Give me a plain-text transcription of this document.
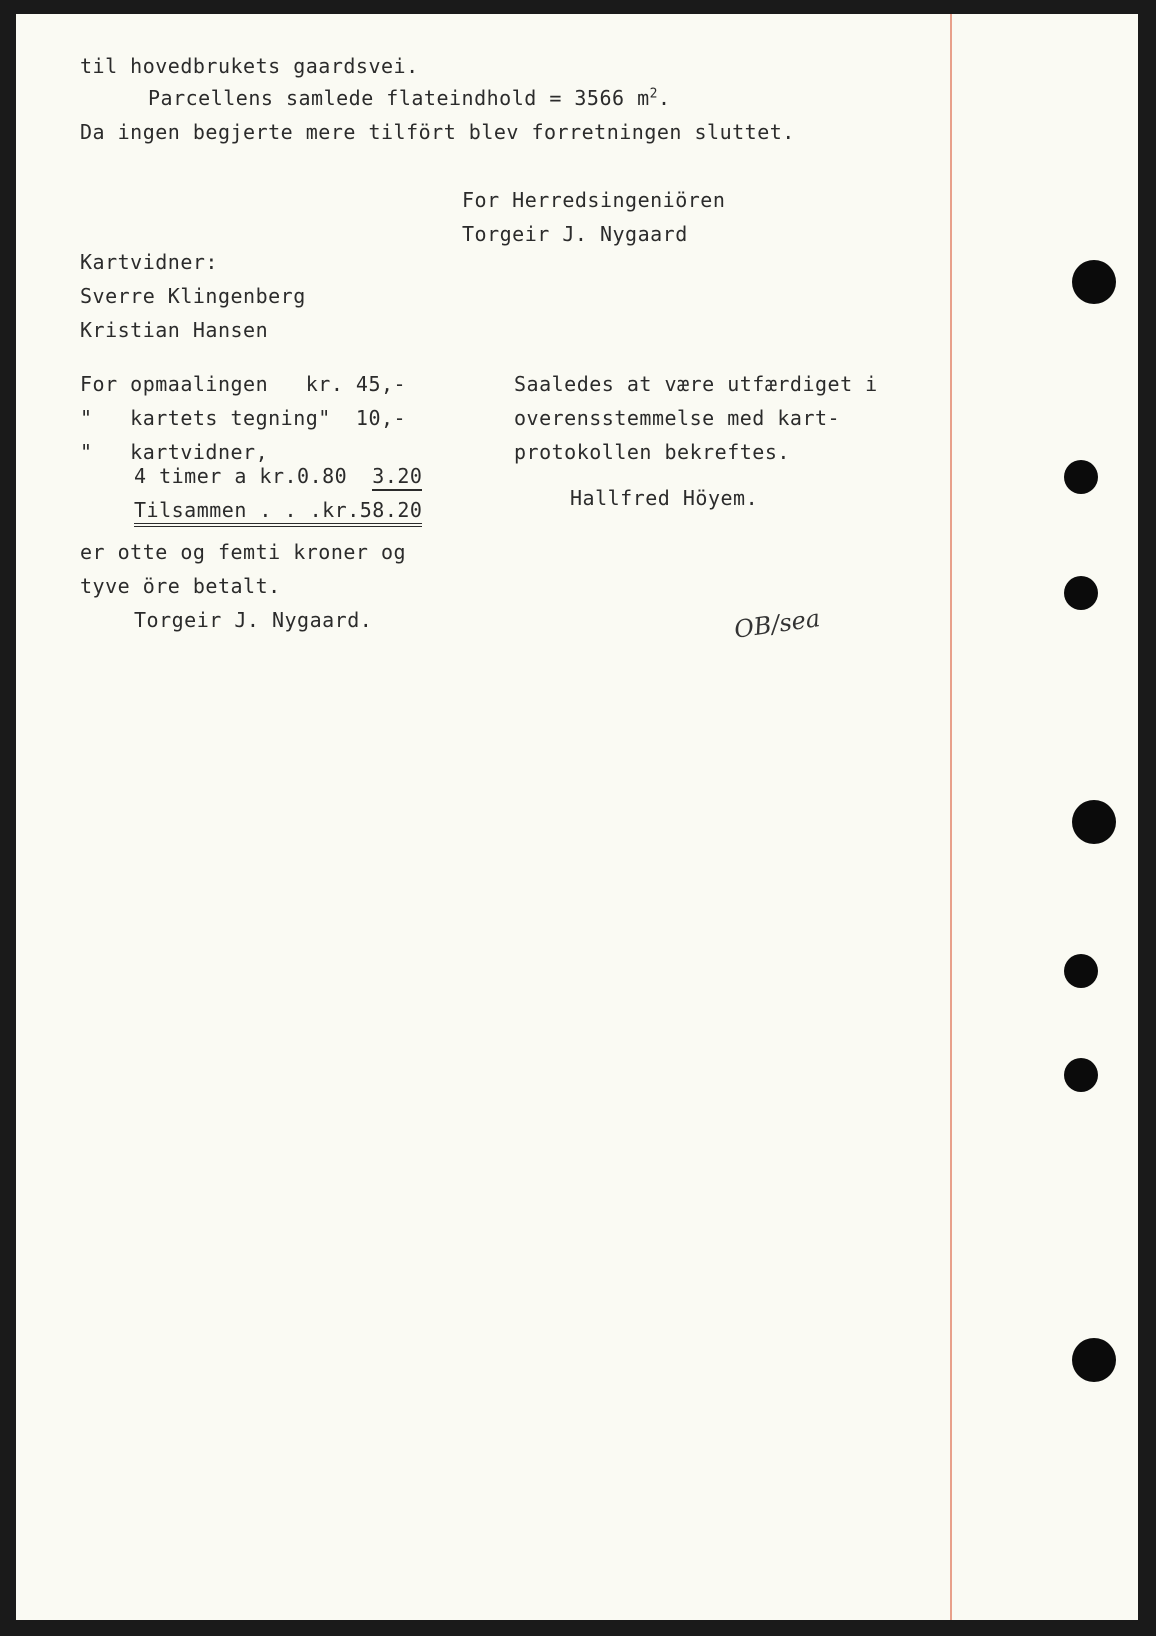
til hovedbrukets gaardsvei.
Parcellens samlede flateindhold = 3566 $m^2$.
Da ingen begjerte mere tilfört blev forretningen sluttet.
For Herredsingeniören
Torgeir J. Nygaard
Kartvidner:
Sverre Klingenberg
Kristian Hansen
For opmaalingen   kr. 45,-
"   kartets tegning"  10,-
"   kartvidner,
4 timer a kr.0.80 3.20
Tilsammen . . .kr.58.20
er otte og femti kroner og
tyve öre betalt.
Torgeir J. Nygaard.
Saaledes at være utfærdiget i
overensstemmelse med kart-
protokollen bekreftes.
Hallfred Höyem.
OB/sea
